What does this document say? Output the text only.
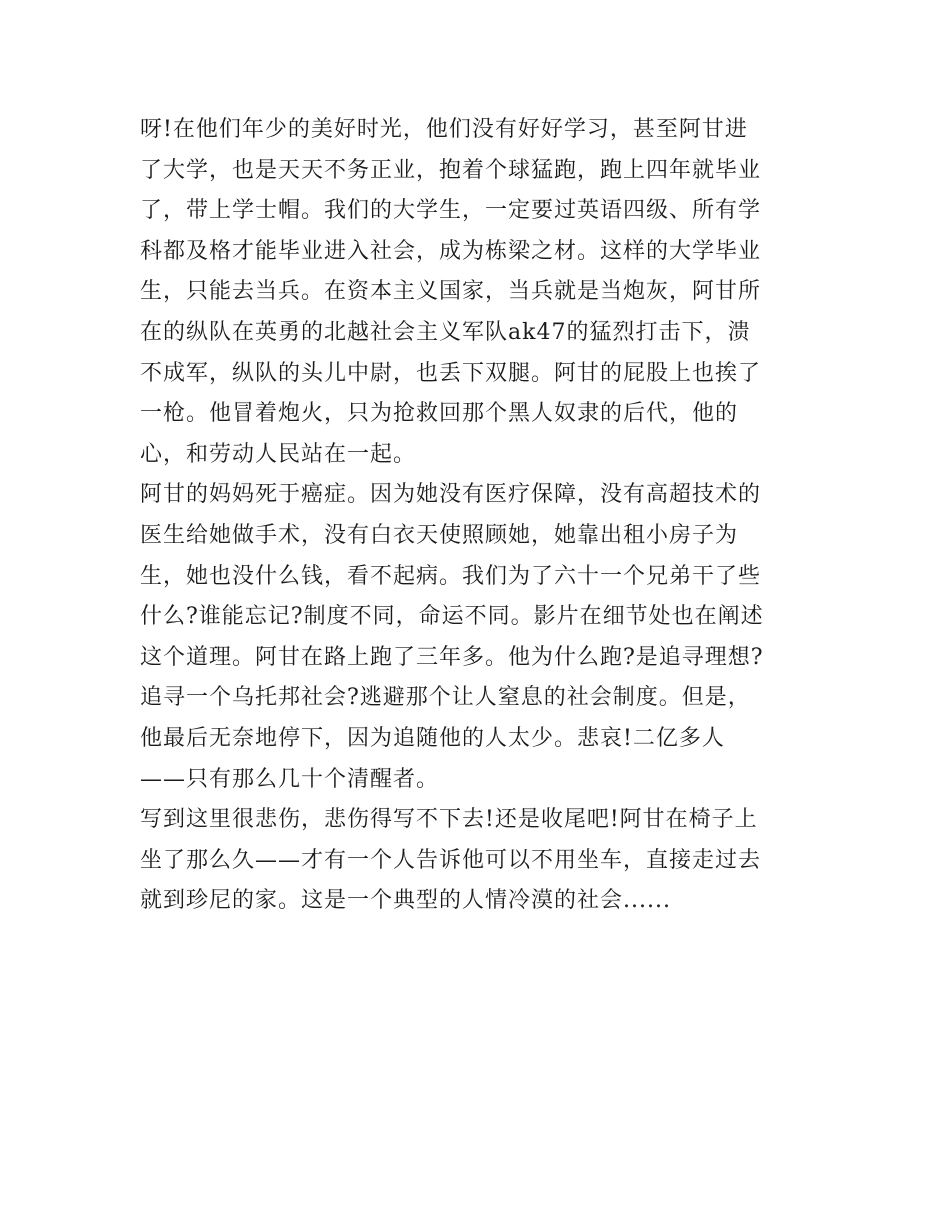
呀!在他们年少的美好时光，他们没有好好学习，甚至阿甘进

了大学，也是天天不务正业，抱着个球猛跑，跑上四年就毕业

了，带上学士帽。我们的大学生，一定要过英语四级、所有学

科都及格才能毕业进入社会，成为栋梁之材。这样的大学毕业

生，只能去当兵。在资本主义国家，当兵就是当炮灰，阿甘所

在的纵队在英勇的北越社会主义军队ak47的猛烈打击下，溃

不成军，纵队的头儿中尉，也丢下双腿。阿甘的屁股上也挨了

一枪。他冒着炮火，只为抢救回那个黑人奴隶的后代，他的

心，和劳动人民站在一起。

阿甘的妈妈死于癌症。因为她没有医疗保障，没有高超技术的

医生给她做手术，没有白衣天使照顾她，她靠出租小房子为

生，她也没什么钱，看不起病。我们为了六十一个兄弟干了些

什么?谁能忘记?制度不同，命运不同。影片在细节处也在阐述

这个道理。阿甘在路上跑了三年多。他为什么跑?是追寻理想?

追寻一个乌托邦社会?逃避那个让人窒息的社会制度。但是，

他最后无奈地停下，因为追随他的人太少。悲哀!二亿多人

——只有那么几十个清醒者。

写到这里很悲伤，悲伤得写不下去!还是收尾吧!阿甘在椅子上

坐了那么久——才有一个人告诉他可以不用坐车，直接走过去

就到珍尼的家。这是一个典型的人情冷漠的社会......
